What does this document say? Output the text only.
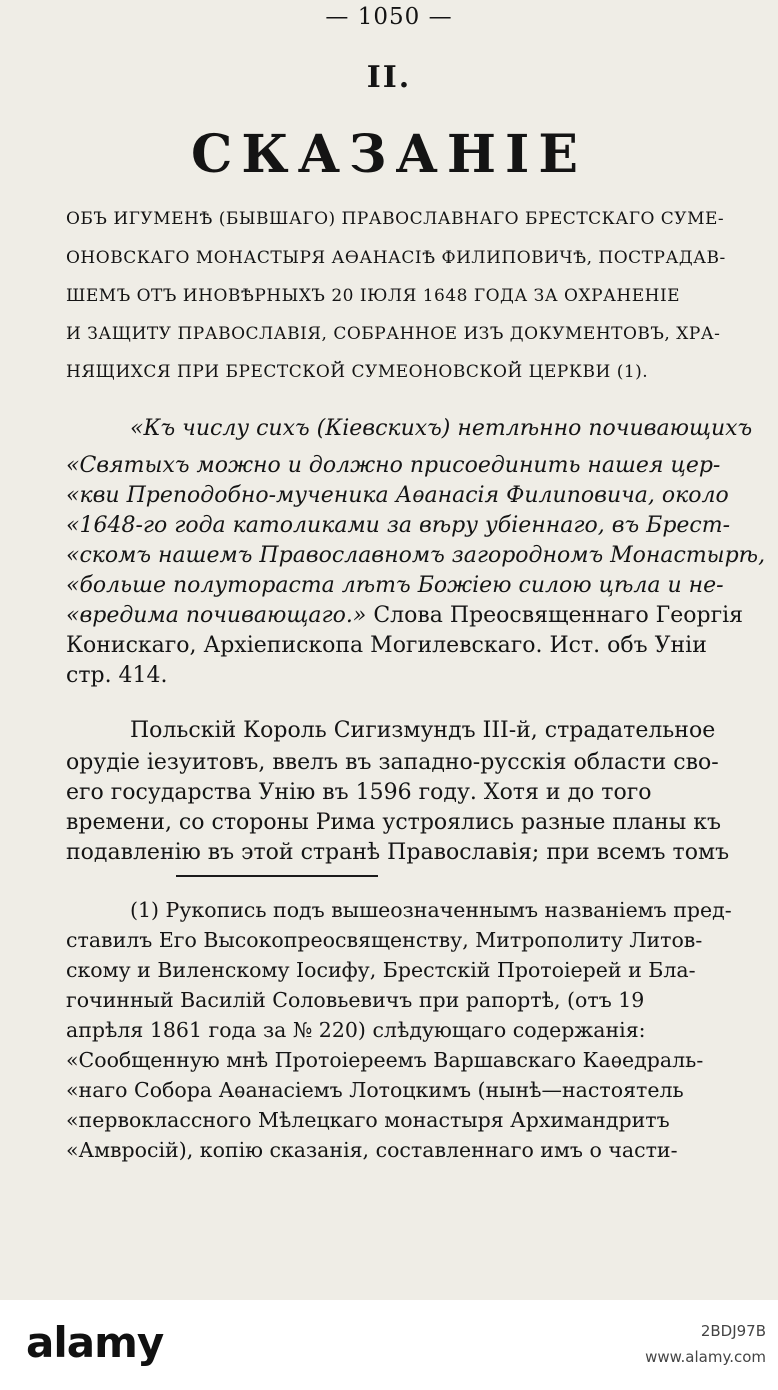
— 1050 —
II.
СКАЗАНІЕ
ОБЪ ИГУМЕНѢ (БЫВШАГО) ПРАВОСЛАВНАГО БРЕСТСКАГО СУМЕ-
ОНОВСКАГО МОНАСТЫРЯ АѲАНАСІѢ ФИЛИПОВИЧѢ, ПОСТРАДАВ-
ШЕМЪ ОТЪ ИНОВѢРНЫХЪ 20 ІЮЛЯ 1648 ГОДА ЗА ОХРАНЕНІЕ
И ЗАЩИТУ ПРАВОСЛАВІЯ, СОБРАННОЕ ИЗЪ ДОКУМЕНТОВЪ, ХРА-
НЯЩИХСЯ ПРИ БРЕСТСКОЙ СУМЕОНОВСКОЙ ЦЕРКВИ (1).
«Къ числу сихъ (Кіевскихъ) нетлѣнно почивающихъ
«Святыхъ можно и должно присоединить нашея цер-
«кви Преподобно-мученика Аѳанасія Филиповича, около
«1648-го года католиками за вѣру убіеннаго, въ Брест-
«скомъ нашемъ Православномъ загородномъ Монастырѣ,
«больше полутораста лѣтъ Божіею силою цѣла и не-
«вредима почивающаго.» Слова Преосвященнаго Георгія
Конискаго, Архіепископа Могилевскаго. Ист. объ Уніи
стр. 414.
Польскій Король Сигизмундъ III-й, страдательное
орудіе іезуитовъ, ввелъ въ западно-русскія области сво-
его государства Унію въ 1596 году. Хотя и до того
времени, со стороны Рима устроялись разные планы къ
подавленію въ этой странѣ Православія; при всемъ томъ
(1) Рукопись подъ вышеозначеннымъ названіемъ пред-
ставилъ Его Высокопреосвященству, Митрополиту Литов-
скому и Виленскому Іосифу, Брестскій Протоіерей и Бла-
гочинный Василій Соловьевичъ при рапортѣ, (отъ 19
апрѣля 1861 года за № 220) слѣдующаго содержанія:
«Сообщенную мнѣ Протоіереемъ Варшавскаго Каѳедраль-
«наго Собора Аѳанасіемъ Лотоцкимъ (нынѣ—настоятель
«первоклассного Мѣлецкаго монастыря Архимандритъ
«Амвросій), копію сказанія, составленнаго имъ о части-
alamy	2BDJ97B
www.alamy.com
